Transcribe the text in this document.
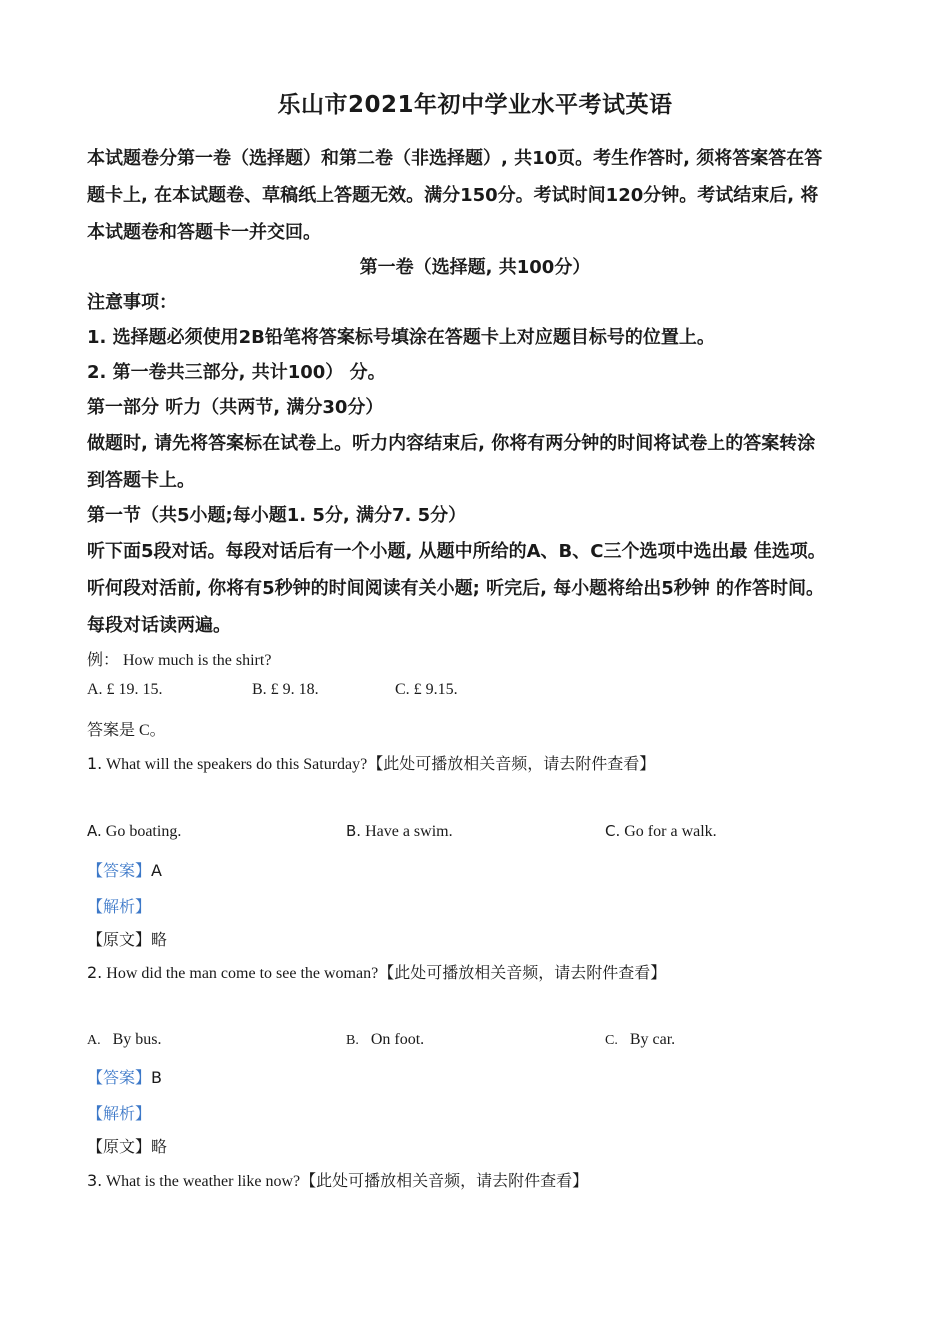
乐山市2021年初中学业水平考试英语
本试题卷分第一卷（选择题）和第二卷（非选择题）, 共10页。考生作答时, 须将答案答在答
题卡上, 在本试题卷、草稿纸上答题无效。满分150分。考试时间120分钟。考试结束后, 将
本试题卷和答题卡一并交回。
第一卷（选择题, 共100分）
注意事项：
1. 选择题必须使用2B铅笔将答案标号填涂在答题卡上对应题目标号的位置上。
2. 第一卷共三部分, 共计100） 分。
第一部分 听力（共两节, 满分30分）
做题时, 请先将答案标在试卷上。听力内容结束后, 你将有两分钟的时间将试卷上的答案转涂
到答题卡上。
第一节（共5小题;每小题1. 5分, 满分7. 5分）
听下面5段对话。每段对话后有一个小题, 从题中所给的A、B、C三个选项中选出最 佳选项。
听何段对活前, 你将有5秒钟的时间阅读有关小题; 听完后, 每小题将给出5秒钟 的作答时间。
每段对话读两遍。
例： How much is the shirt?
A. £ 19. 15.	B. £ 9. 18.	C. £ 9.15.
答案是 C。
1. What will the speakers do this Saturday?【此处可播放相关音频，请去附件查看】
A. Go boating.	B. Have a swim.	C. Go for a walk.
【答案】A
【解析】
【原文】略
2. How did the man come to see the woman?【此处可播放相关音频，请去附件查看】
A. By bus.	B. On foot.	C. By car.
【答案】B
【解析】
【原文】略
3. What is the weather like now?【此处可播放相关音频，请去附件查看】
